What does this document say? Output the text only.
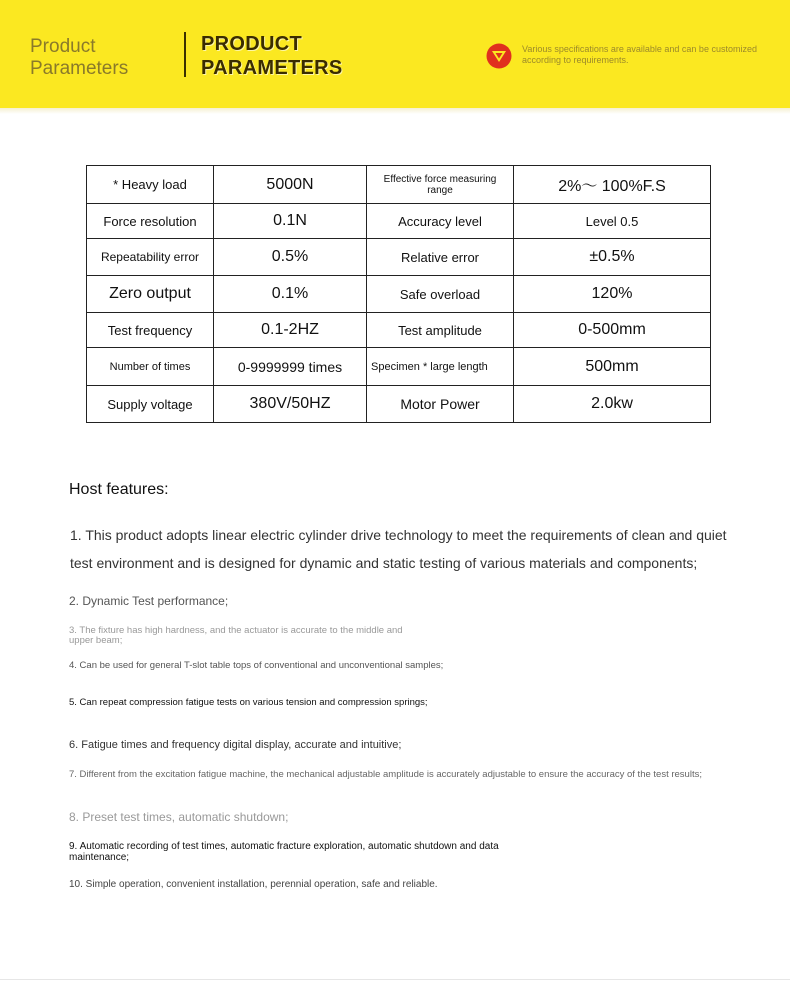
Product Parameters
PRODUCT
PARAMETERS
Various specifications are available and can be customized according to requirements.
* Heavy load	5000N	Effective force measuring range	2%～ 100%F.S
Force resolution	0.1N	Accuracy level	Level 0.5
Repeatability error	0.5%	Relative error	±0.5%
Zero output	0.1%	Safe overload	120%
Test frequency	0.1-2HZ	Test amplitude	0-500mm
Number of times	0-9999999 times	Specimen * large length	500mm
Supply voltage	380V/50HZ	Motor Power	2.0kw
Host features:
1. This product adopts linear electric cylinder drive technology to meet the requirements of clean and quiet test environment and is designed for dynamic and static testing of various materials and components;
2. Dynamic Test performance;
3. The fixture has high hardness, and the actuator is accurate to the middle and upper beam;
4. Can be used for general T-slot table tops of conventional and unconventional samples;
5. Can repeat compression fatigue tests on various tension and compression springs;
6. Fatigue times and frequency digital display, accurate and intuitive;
7. Different from the excitation fatigue machine, the mechanical adjustable amplitude is accurately adjustable to ensure the accuracy of the test results;
8. Preset test times, automatic shutdown;
9. Automatic recording of test times, automatic fracture exploration, automatic shutdown and data maintenance;
10. Simple operation, convenient installation, perennial operation, safe and reliable.
